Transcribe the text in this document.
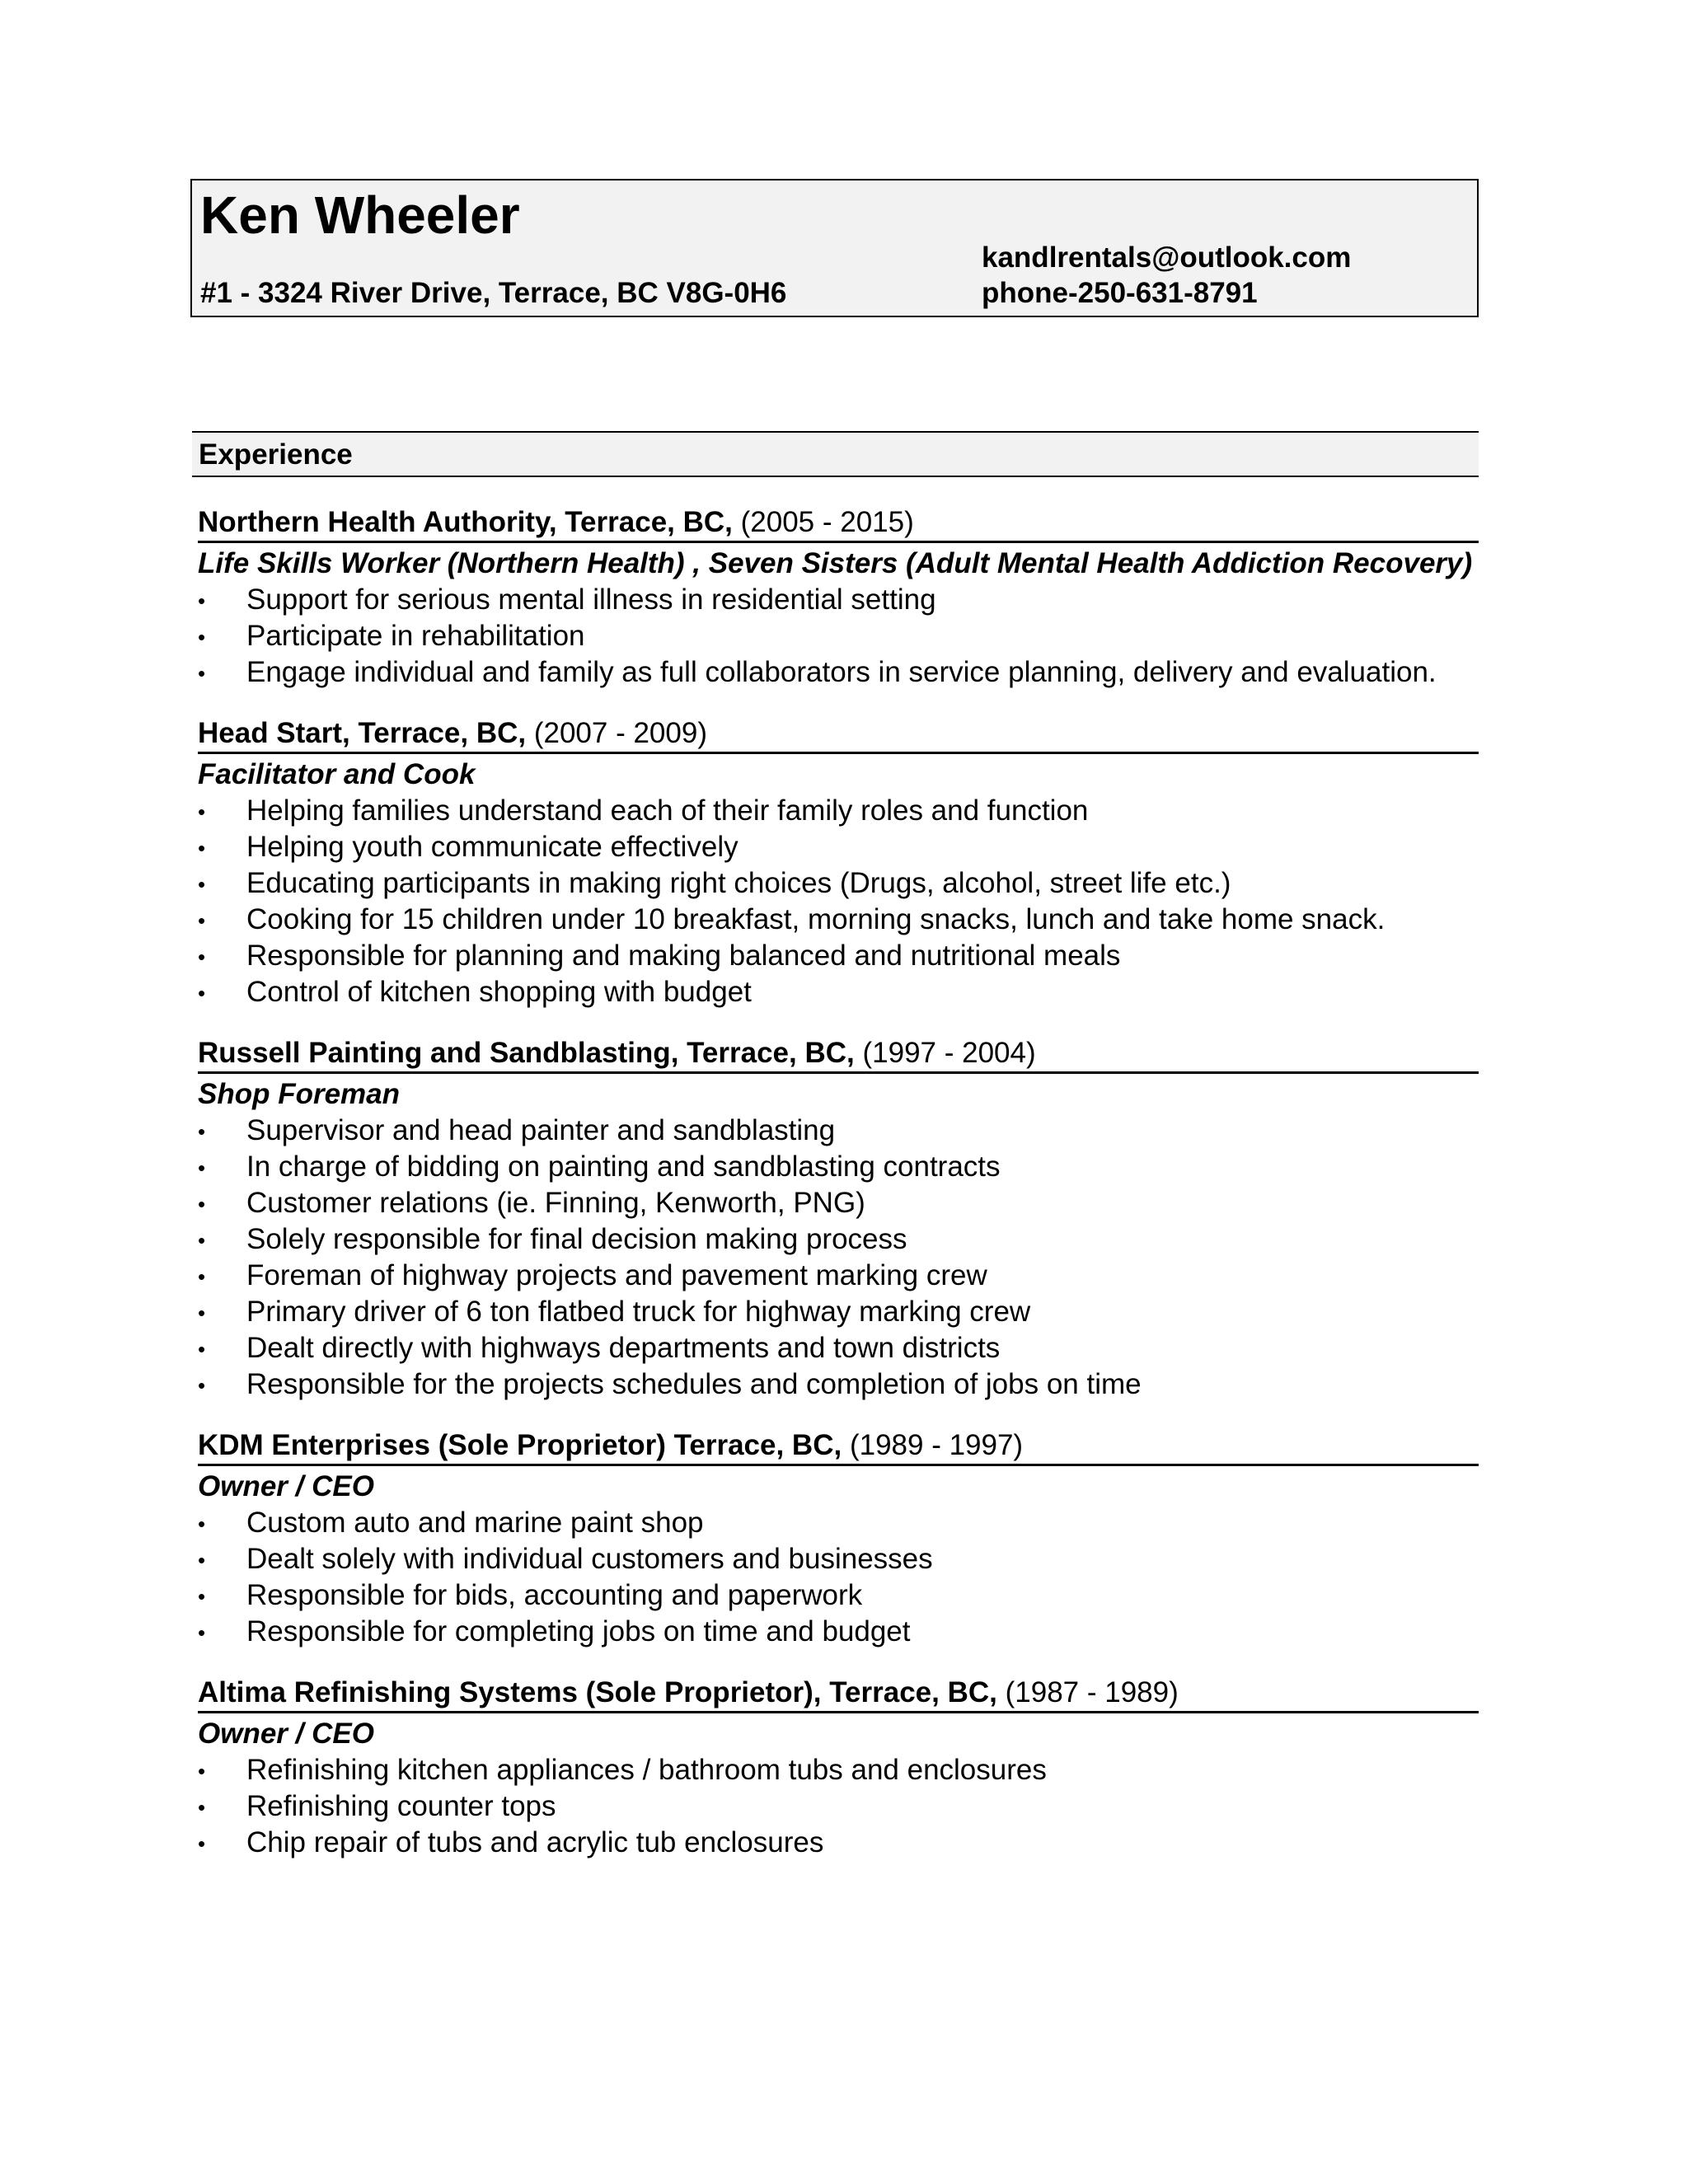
Ken Wheeler
kandlrentals@outlook.com
#1 - 3324 River Drive, Terrace, BC V8G-0H6	phone-250-631-8791
Experience
Northern Health Authority, Terrace, BC, (2005 - 2015)
Life Skills Worker (Northern Health) , Seven Sisters (Adult Mental Health Addiction Recovery)
• Support for serious mental illness in residential setting
• Participate in rehabilitation
• Engage individual and family as full collaborators in service planning, delivery and evaluation.
Head Start, Terrace, BC, (2007 - 2009)
Facilitator and Cook
• Helping families understand each of their family roles and function
• Helping youth communicate effectively
• Educating participants in making right choices (Drugs, alcohol, street life etc.)
• Cooking for 15 children under 10 breakfast, morning snacks, lunch and take home snack.
• Responsible for planning and making balanced and nutritional meals
• Control of kitchen shopping with budget
Russell Painting and Sandblasting, Terrace, BC, (1997 - 2004)
Shop Foreman
• Supervisor and head painter and sandblasting
• In charge of bidding on painting and sandblasting contracts
• Customer relations (ie. Finning, Kenworth, PNG)
• Solely responsible for final decision making process
• Foreman of highway projects and pavement marking crew
• Primary driver of 6 ton flatbed truck for highway marking crew
• Dealt directly with highways departments and town districts
• Responsible for the projects schedules and completion of jobs on time
KDM Enterprises (Sole Proprietor) Terrace, BC, (1989 - 1997)
Owner / CEO
• Custom auto and marine paint shop
• Dealt solely with individual customers and businesses
• Responsible for bids, accounting and paperwork
• Responsible for completing jobs on time and budget
Altima Refinishing Systems (Sole Proprietor), Terrace, BC, (1987 - 1989)
Owner / CEO
• Refinishing kitchen appliances / bathroom tubs and enclosures
• Refinishing counter tops
• Chip repair of tubs and acrylic tub enclosures
